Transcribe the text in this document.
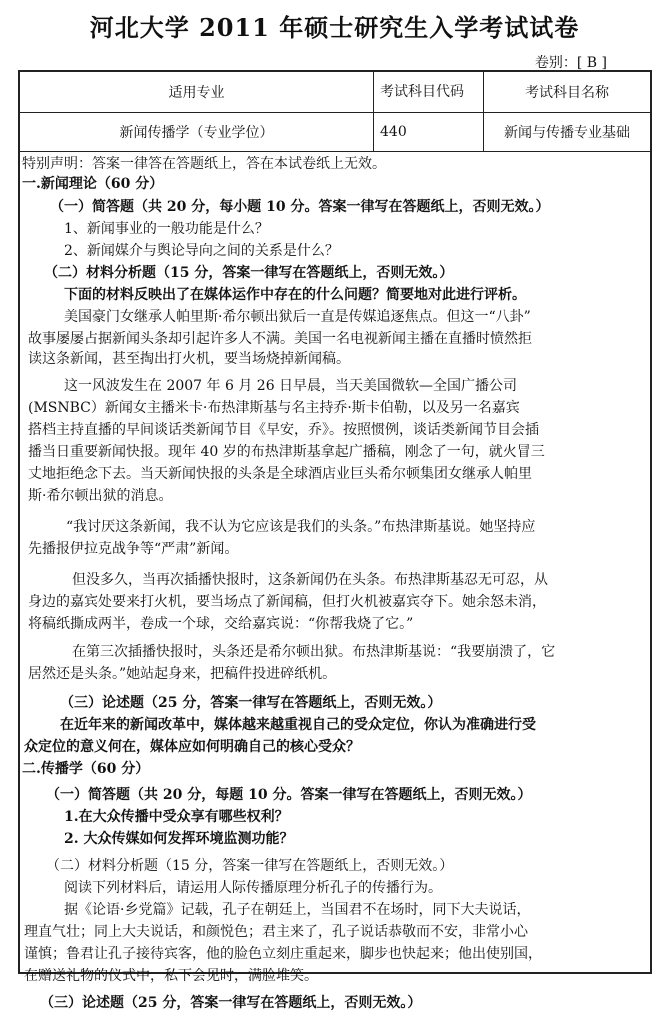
河北大学 2011 年硕士研究生入学考试试卷
卷别：[ B ]
适用专业	考试科目代码	考试科目名称
新闻传播学（专业学位）	440	新闻与传播专业基础
特别声明：答案一律答在答题纸上，答在本试卷纸上无效。
一.新闻理论（60 分）
（一）简答题（共 20 分，每小题 10 分。答案一律写在答题纸上，否则无效。）
1、新闻事业的一般功能是什么？
2、新闻媒介与舆论导向之间的关系是什么？
（二）材料分析题（15 分，答案一律写在答题纸上，否则无效。）
下面的材料反映出了在媒体运作中存在的什么问题？简要地对此进行评析。
美国豪门女继承人帕里斯·希尔顿出狱后一直是传媒追逐焦点。但这一“八卦”
故事屡屡占据新闻头条却引起许多人不满。美国一名电视新闻主播在直播时愤然拒
读这条新闻，甚至掏出打火机，要当场烧掉新闻稿。
这一风波发生在 2007 年 6 月 26 日早晨，当天美国微软—全国广播公司
(MSNBC）新闻女主播米卡·布热津斯基与名主持乔·斯卡伯勒，以及另一名嘉宾
搭档主持直播的早间谈话类新闻节目《早安，乔》。按照惯例，谈话类新闻节目会插
播当日重要新闻快报。现年 40 岁的布热津斯基拿起广播稿，刚念了一句，就火冒三
丈地拒绝念下去。当天新闻快报的头条是全球酒店业巨头希尔顿集团女继承人帕里
斯·希尔顿出狱的消息。
“我讨厌这条新闻，我不认为它应该是我们的头条。”布热津斯基说。她坚持应
先播报伊拉克战争等“严肃”新闻。
但没多久，当再次插播快报时，这条新闻仍在头条。布热津斯基忍无可忍，从
身边的嘉宾处要来打火机，要当场点了新闻稿，但打火机被嘉宾夺下。她余怒未消，
将稿纸撕成两半，卷成一个球，交给嘉宾说：“你帮我烧了它。”
在第三次插播快报时，头条还是希尔顿出狱。布热津斯基说：“我要崩溃了，它
居然还是头条。”她站起身来，把稿件投进碎纸机。
（三）论述题（25 分，答案一律写在答题纸上，否则无效。）
在近年来的新闻改革中，媒体越来越重视自己的受众定位，你认为准确进行受
众定位的意义何在，媒体应如何明确自己的核心受众？
二.传播学（60 分）
（一）简答题（共 20 分，每题 10 分。答案一律写在答题纸上，否则无效。）
1.在大众传播中受众享有哪些权利？
2. 大众传媒如何发挥环境监测功能？
（二）材料分析题（15 分，答案一律写在答题纸上，否则无效。）
阅读下列材料后，请运用人际传播原理分析孔子的传播行为。
据《论语·乡党篇》记载，孔子在朝廷上，当国君不在场时，同下大夫说话，
理直气壮；同上大夫说话，和颜悦色；君主来了，孔子说话恭敬而不安，非常小心
谨慎；鲁君让孔子接待宾客，他的脸色立刻庄重起来，脚步也快起来；他出使别国，
在赠送礼物的仪式中，私下会见时，满脸堆笑。
（三）论述题（25 分，答案一律写在答题纸上，否则无效。）
